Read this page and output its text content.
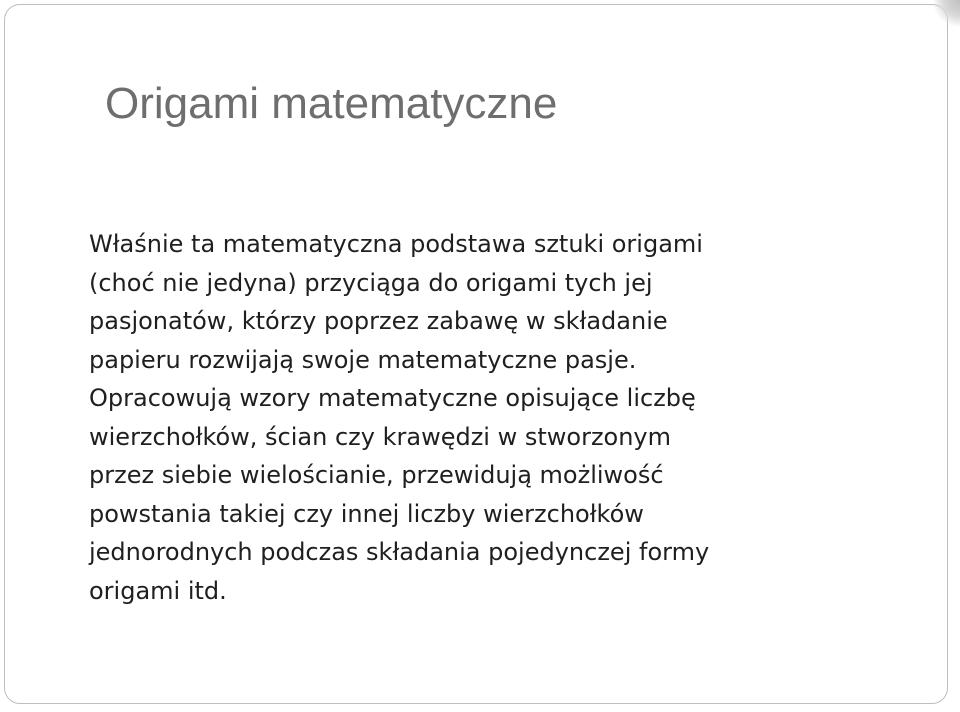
Origami matematyczne
Właśnie ta matematyczna podstawa sztuki origami
(choć nie jedyna) przyciąga do origami tych jej
pasjonatów, którzy poprzez zabawę w składanie
papieru rozwijają swoje matematyczne pasje.
Opracowują wzory matematyczne opisujące liczbę
wierzchołków, ścian czy krawędzi w stworzonym
przez siebie wielościanie, przewidują możliwość
powstania takiej czy innej liczby wierzchołków
jednorodnych podczas składania pojedynczej formy
origami itd.
